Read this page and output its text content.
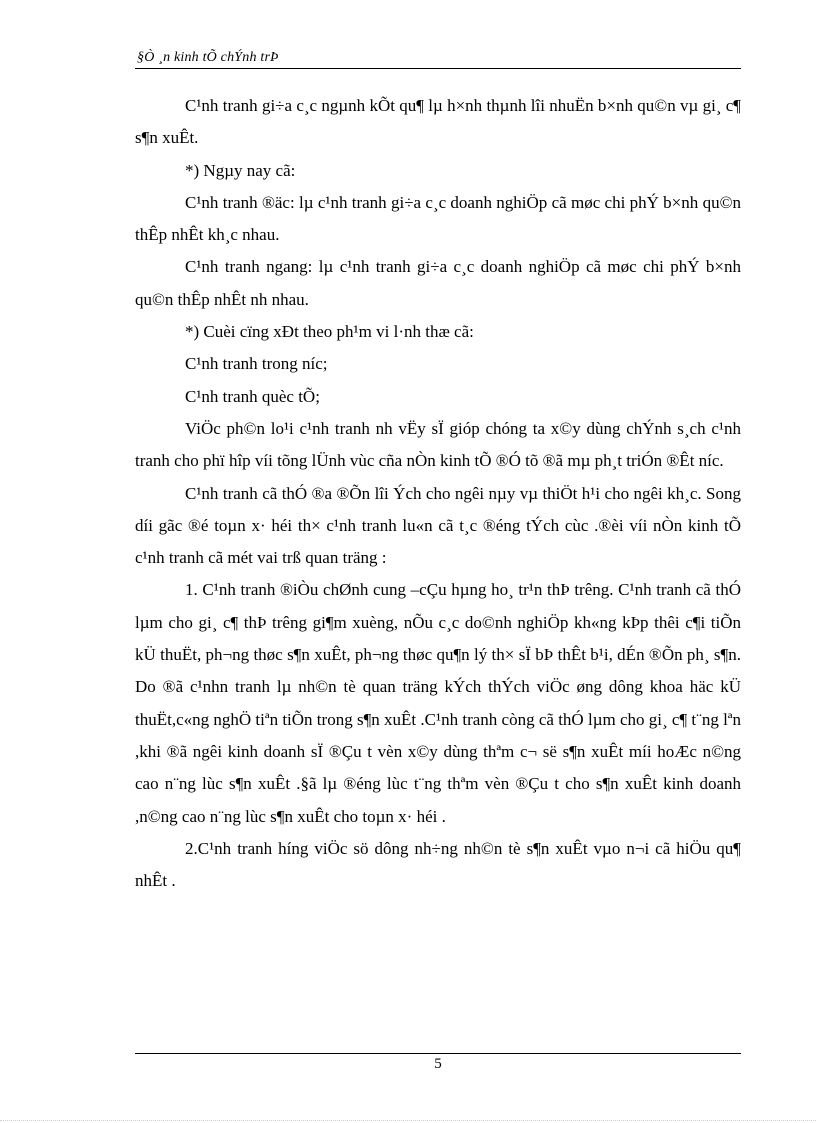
§Ò ¸n kinh tÕ chÝnh trÞ

C¹nh tranh gi÷a c¸c ngµnh kÕt qu¶ lµ h×nh thµnh lîi nhuËn b×nh qu©n vµ gi¸ c¶ s¶n xuÊt.

*) Ngµy nay cã:

C¹nh tranh ®äc: lµ c¹nh tranh gi÷a c¸c doanh nghiÖp cã møc chi phÝ b×nh qu©n thÊp nhÊt kh¸c nhau.

C¹nh tranh ngang: lµ c¹nh tranh gi÷a c¸c doanh nghiÖp cã møc chi phÝ b×nh qu©n thÊp nhÊt nh nhau.

*) Cuèi cïng xÐt theo ph¹m vi l·nh thæ cã:

C¹nh tranh trong níc;

C¹nh tranh quèc tÕ;

ViÖc ph©n lo¹i c¹nh tranh nh vËy sÏ gióp chóng ta x©y dùng chÝnh s¸ch c¹nh tranh cho phï hîp víi tõng lÜnh vùc cña nÒn kinh tÕ ®Ó tõ ®ã mµ ph¸t triÓn ®Êt níc.

C¹nh tranh cã thÓ ®a ®Õn lîi Ých cho ngêi nµy vµ thiÖt h¹i cho ngêi kh¸c. Song díi gãc ®é toµn x· héi th× c¹nh tranh lu«n cã t¸c ®éng tÝch cùc .®èi víi nÒn kinh tÕ c¹nh tranh cã mét vai trß quan träng :

1. C¹nh tranh ®iÒu chØnh cung –cÇu hµng ho¸ tr¹n thÞ trêng. C¹nh tranh cã thÓ lµm cho gi¸ c¶ thÞ trêng gi¶m xuèng, nÕu c¸c do©nh nghiÖp kh«ng kÞp thêi c¶i tiÕn kÜ thuËt, ph¬ng thøc s¶n xuÊt, ph¬ng thøc qu¶n lý th× sÏ bÞ thÊt b¹i, dÉn ®Õn ph¸ s¶n. Do ®ã c¹nhn tranh lµ nh©n tè quan träng kÝch thÝch viÖc øng dông khoa häc kÜ thuËt,c«ng nghÖ tiªn tiÕn trong s¶n xuÊt .C¹nh tranh còng cã thÓ lµm cho gi¸ c¶ t¨ng lªn ,khi ®ã ngêi kinh doanh sÏ ®Çu t vèn x©y dùng thªm c¬ së s¶n xuÊt míi hoÆc n©ng cao n¨ng lùc s¶n xuÊt .§ã lµ ®éng lùc t¨ng thªm vèn ®Çu t cho s¶n xuÊt kinh doanh ,n©ng cao n¨ng lùc s¶n xuÊt cho toµn x· héi .

2.C¹nh tranh híng viÖc sö dông nh÷ng nh©n tè s¶n xuÊt vµo n¬i cã hiÖu qu¶ nhÊt .

5
